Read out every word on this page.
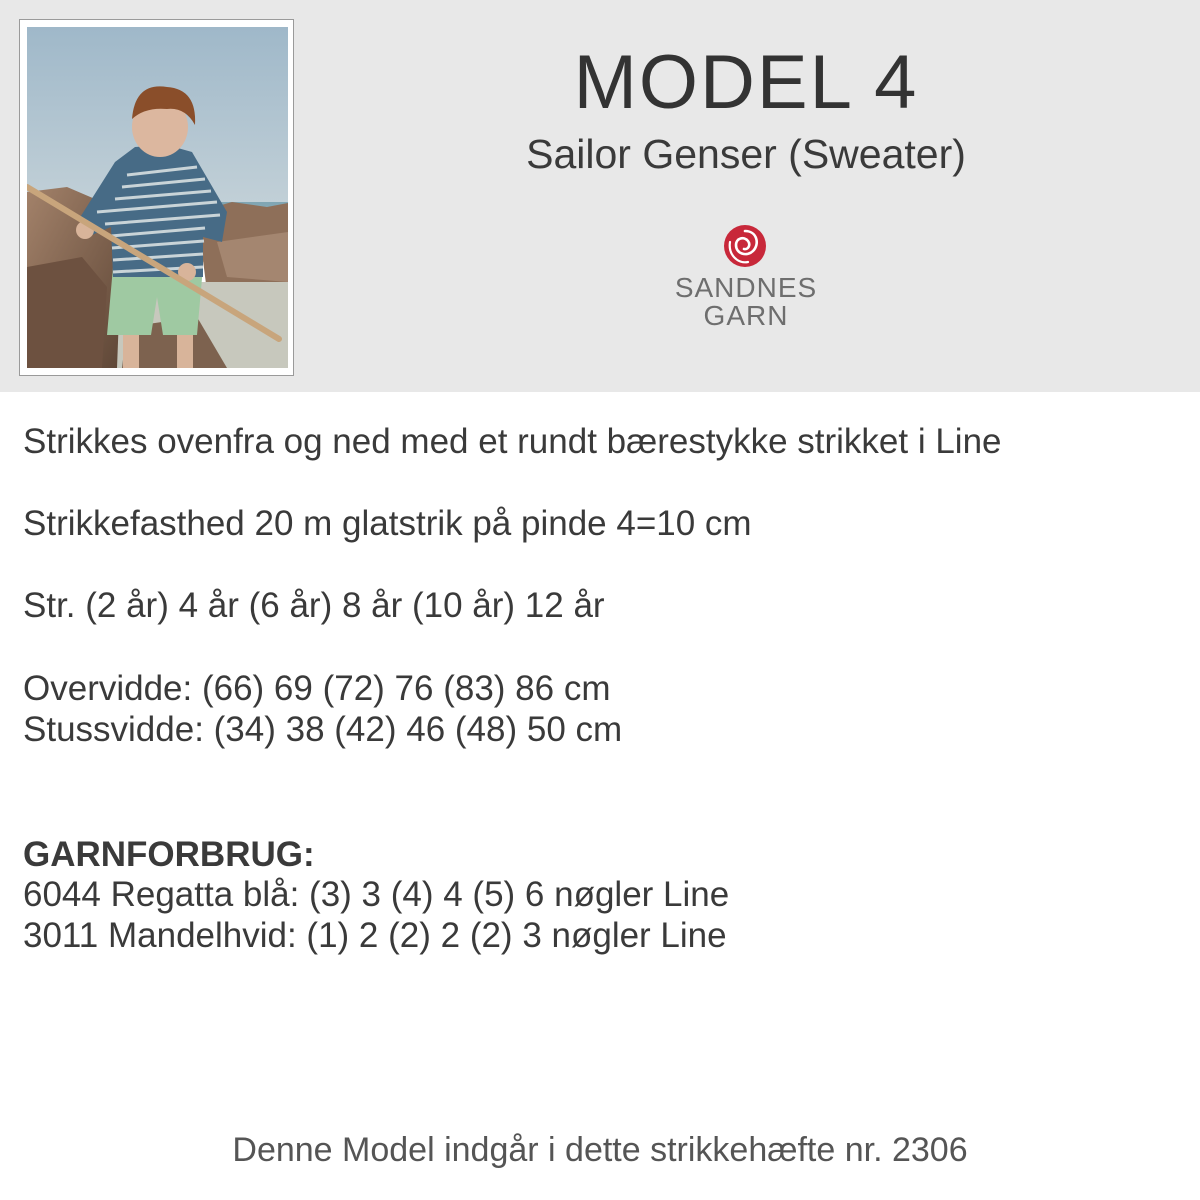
MODEL 4
Sailor Genser (Sweater)
SANDNES
GARN
Strikkes ovenfra og ned med et rundt bærestykke strikket i Line
Strikkefasthed 20 m glatstrik på pinde 4=10 cm
Str. (2 år) 4 år (6 år) 8 år (10 år) 12 år
Overvidde: (66) 69 (72) 76 (83) 86 cm
Stussvidde: (34) 38 (42) 46 (48) 50 cm
GARNFORBRUG:
6044 Regatta blå: (3) 3 (4) 4 (5) 6 nøgler Line
3011 Mandelhvid: (1) 2 (2) 2 (2) 3 nøgler Line
Denne Model indgår i dette strikkehæfte nr. 2306
